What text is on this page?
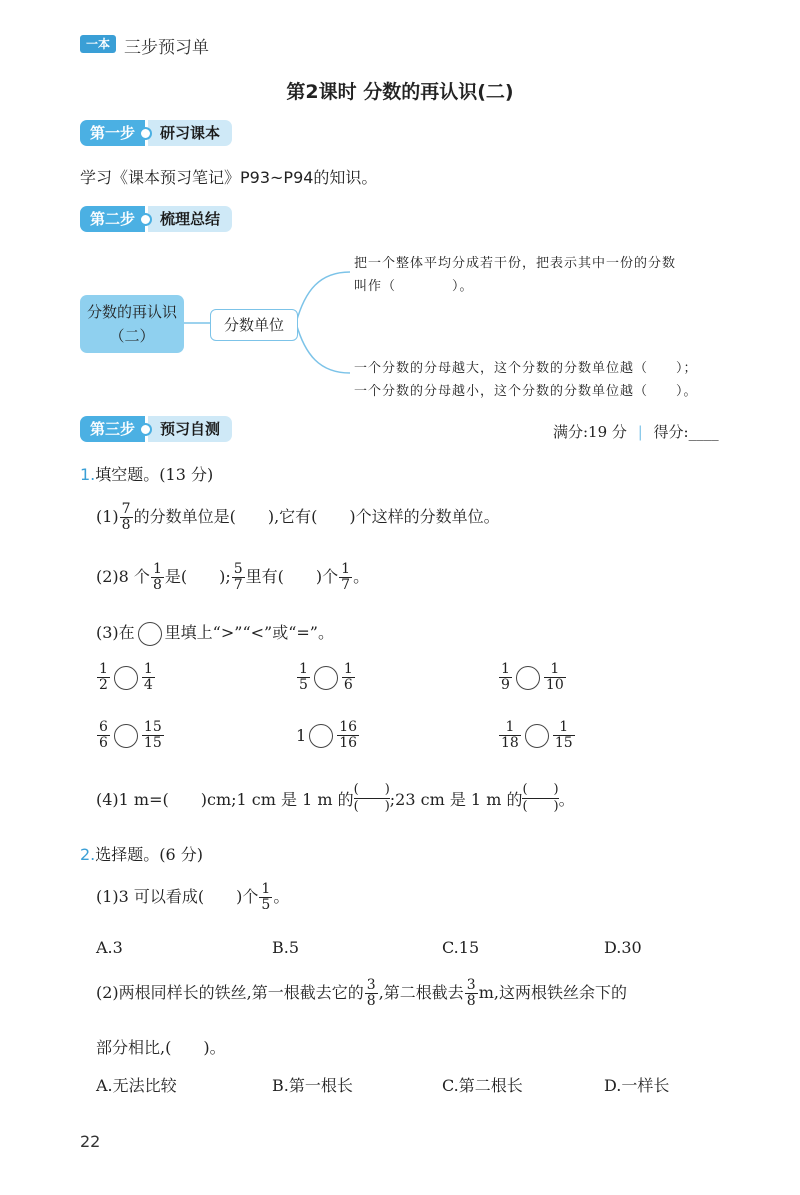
一本 三步预习单
第2课时 分数的再认识(二)
第一步	研习课本
学习《课本预习笔记》P93~P94的知识。
第二步	梳理总结
分数的再认识（二）
分数单位
把一个整体平均分成若干份，把表示其中一份的分数
叫作（　　　　）。
一个分数的分母越大，这个分数的分数单位越（　　）；
一个分数的分母越小，这个分数的分数单位越（　　）。
第三步	预习自测	满分:19 分 | 得分:____
1.填空题。(13 分)
$(1) \frac{7}{8}$ 的分数单位是(　　),它有(　　)个这样的分数单位。
(2)8 个 $\frac{1}{8}$ 是(　　); $\frac{5}{7}$ 里有(　　)个 $\frac{1}{7}$ 。
(3)在 里填上“>”“<”或“=”。
$\frac{1}{2} \frac{1}{4}$	$\frac{1}{5} \frac{1}{6}$	$\frac{1}{9} \frac{1}{10}$
$\frac{6}{6} \frac{15}{15}$	$1 \frac{16}{16}$	$\frac{1}{18} \frac{1}{15}$
(4)1 m=(　　)cm;1 cm 是 1 m 的 $\frac{( )}{( )}$ ;23 cm 是 1 m 的 $\frac{( )}{( )}$ 。
2.选择题。(6 分)
(1)3 可以看成(　　)个 $\frac{1}{5}$ 。
A.3	B.5	C.15	D.30
(2)两根同样长的铁丝,第一根截去它的 $\frac{3}{8}$ ,第二根截去 $\frac{3}{8} m$,这两根铁丝余下的
部分相比,(　　)。
A.无法比较	B.第一根长	C.第二根长	D.一样长
22
